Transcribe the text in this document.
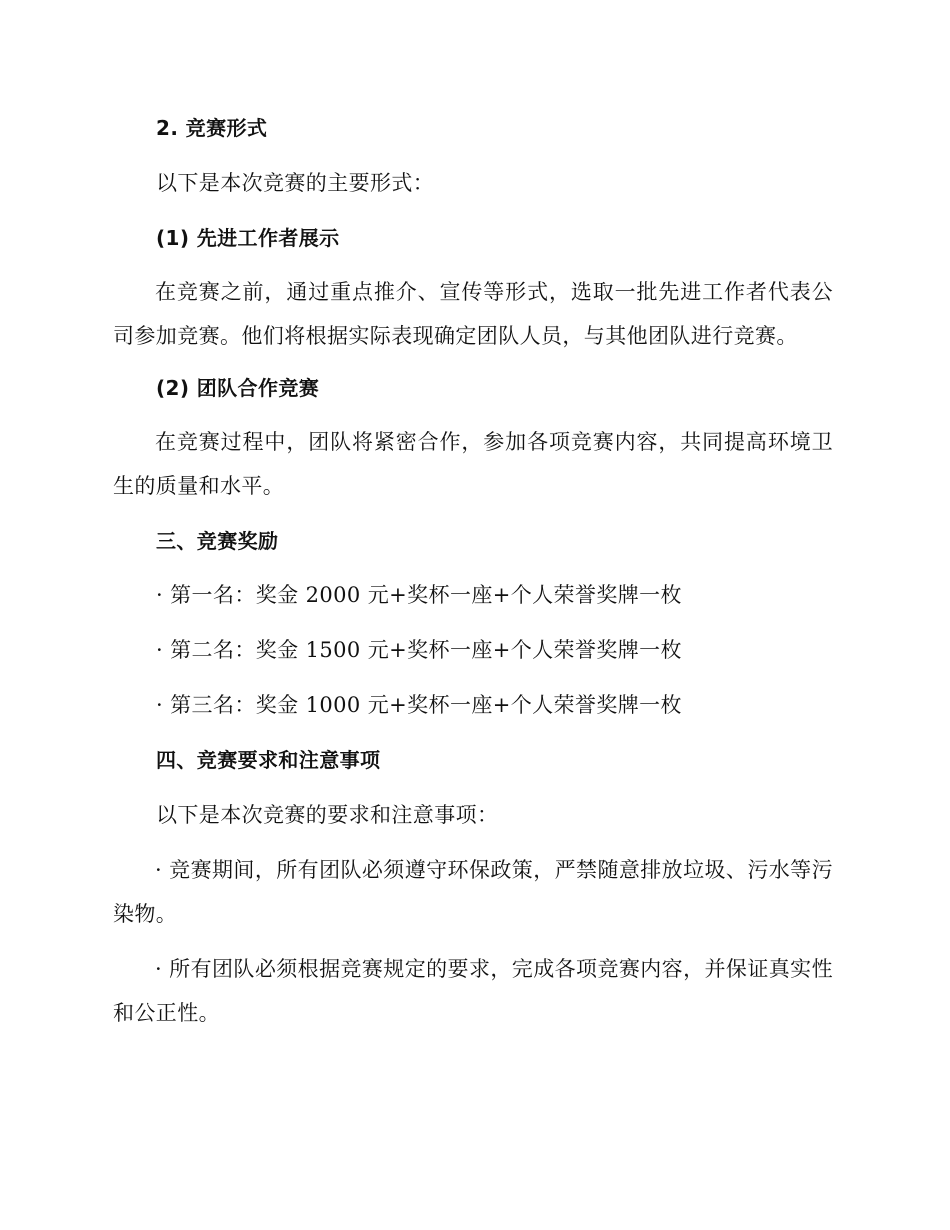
2. 竞赛形式
以下是本次竞赛的主要形式：
(1) 先进工作者展示
在竞赛之前，通过重点推介、宣传等形式，选取一批先进工作者代表公司参加竞赛。他们将根据实际表现确定团队人员，与其他团队进行竞赛。
(2) 团队合作竞赛
在竞赛过程中，团队将紧密合作，参加各项竞赛内容，共同提高环境卫生的质量和水平。
三、竞赛奖励
· 第一名：奖金 2000 元+奖杯一座+个人荣誉奖牌一枚
· 第二名：奖金 1500 元+奖杯一座+个人荣誉奖牌一枚
· 第三名：奖金 1000 元+奖杯一座+个人荣誉奖牌一枚
四、竞赛要求和注意事项
以下是本次竞赛的要求和注意事项：
· 竞赛期间，所有团队必须遵守环保政策，严禁随意排放垃圾、污水等污染物。
· 所有团队必须根据竞赛规定的要求，完成各项竞赛内容，并保证真实性和公正性。
